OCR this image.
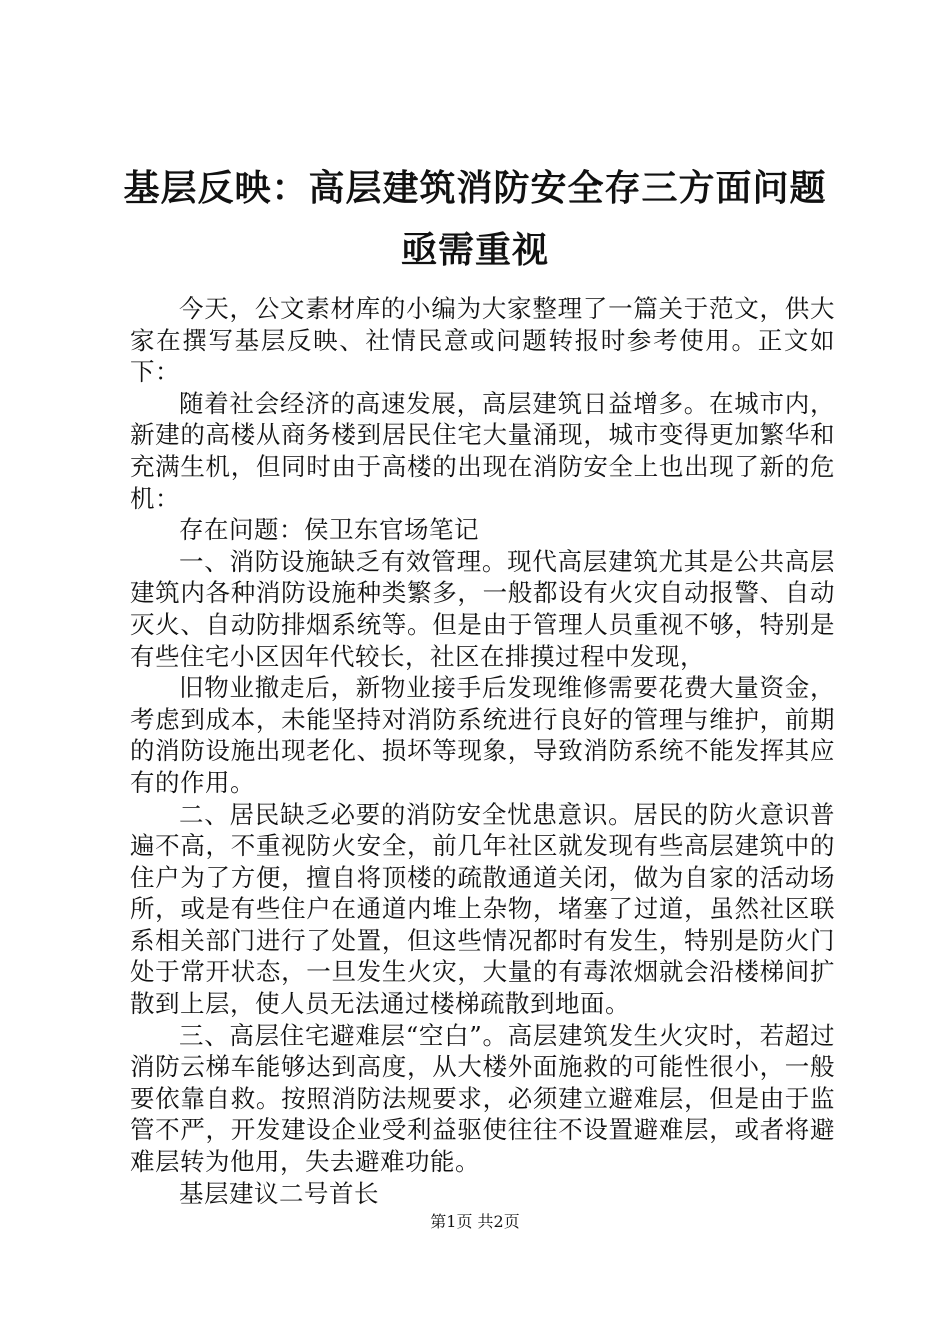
基层反映：高层建筑消防安全存三方面问题亟需重视

今天，公文素材库的小编为大家整理了一篇关于范文，供大家在撰写基层反映、社情民意或问题转报时参考使用。正文如下：

随着社会经济的高速发展，高层建筑日益增多。在城市内，新建的高楼从商务楼到居民住宅大量涌现，城市变得更加繁华和充满生机，但同时由于高楼的出现在消防安全上也出现了新的危机：

存在问题：侯卫东官场笔记

一、消防设施缺乏有效管理。现代高层建筑尤其是公共高层建筑内各种消防设施种类繁多，一般都设有火灾自动报警、自动灭火、自动防排烟系统等。但是由于管理人员重视不够，特别是有些住宅小区因年代较长，社区在排摸过程中发现，

旧物业撤走后，新物业接手后发现维修需要花费大量资金，考虑到成本，未能坚持对消防系统进行良好的管理与维护，前期的消防设施出现老化、损坏等现象，导致消防系统不能发挥其应有的作用。

二、居民缺乏必要的消防安全忧患意识。居民的防火意识普遍不高，不重视防火安全，前几年社区就发现有些高层建筑中的住户为了方便，擅自将顶楼的疏散通道关闭，做为自家的活动场所，或是有些住户在通道内堆上杂物，堵塞了过道，虽然社区联系相关部门进行了处置，但这些情况都时有发生，特别是防火门处于常开状态，一旦发生火灾，大量的有毒浓烟就会沿楼梯间扩散到上层，使人员无法通过楼梯疏散到地面。

三、高层住宅避难层“空白”。高层建筑发生火灾时，若超过消防云梯车能够达到高度，从大楼外面施救的可能性很小，一般要依靠自救。按照消防法规要求，必须建立避难层，但是由于监管不严，开发建设企业受利益驱使往往不设置避难层，或者将避难层转为他用，失去避难功能。

基层建议二号首长

第1页 共2页
